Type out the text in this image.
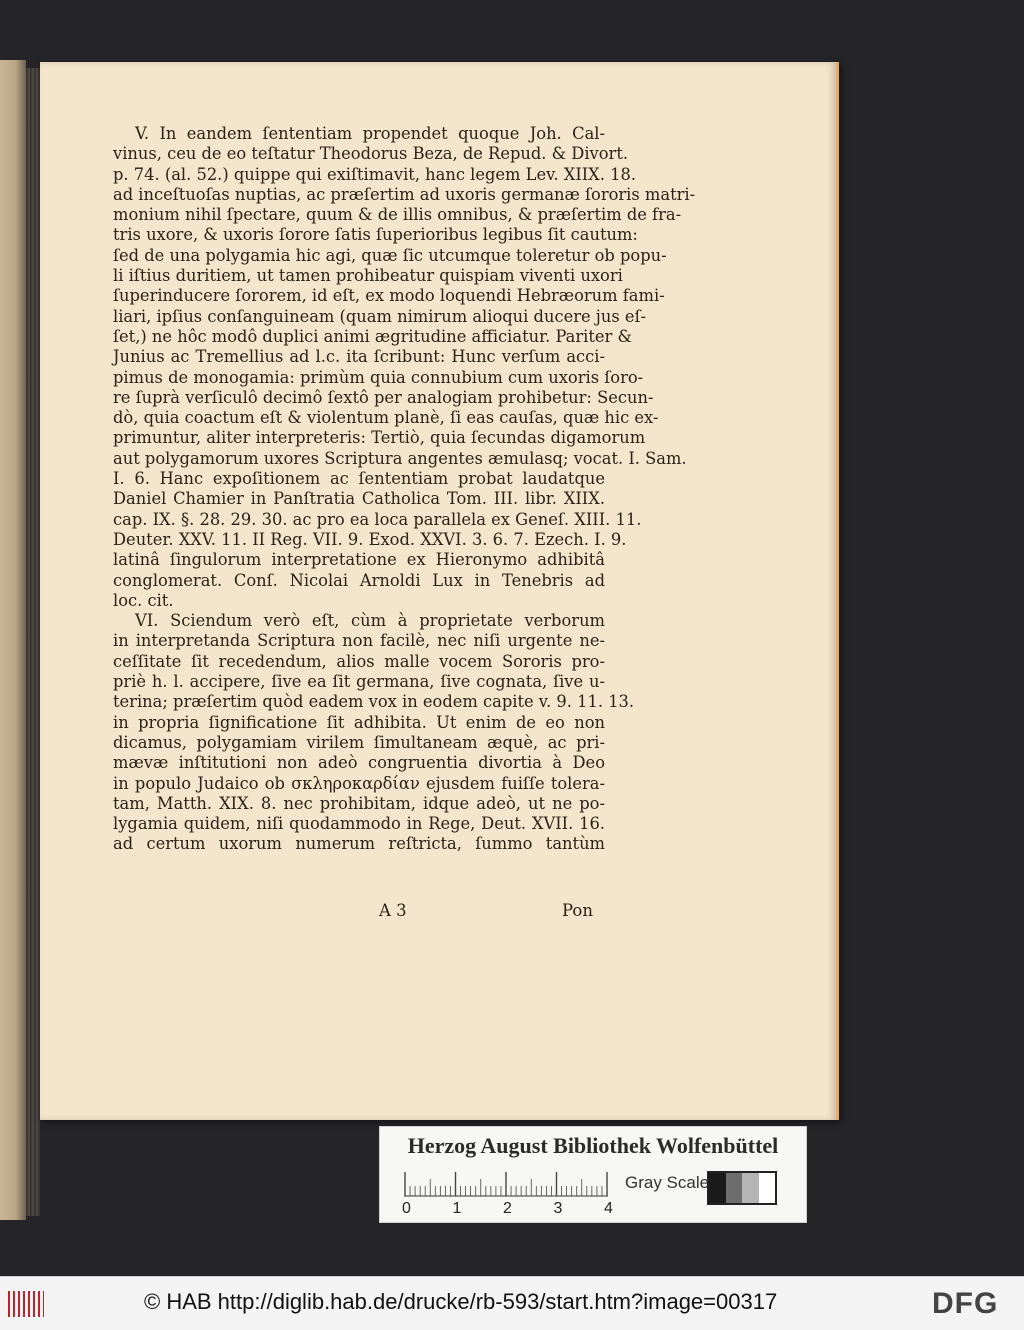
V. In eandem ſententiam propendet quoque Joh. Cal-
vinus, ceu de eo teſtatur Theodorus Beza, de Repud. & Divort.
p. 74. (al. 52.) quippe qui exiſtimavit, hanc legem Lev. XIIX. 18.
ad inceſtuoſas nuptias, ac præſertim ad uxoris germanæ ſororis matri-
monium nihil ſpectare, quum & de illis omnibus, & præſertim de fra-
tris uxore, & uxoris ſorore ſatis ſuperioribus legibus ſit cautum:
ſed de una polygamia hic agi, quæ ſic utcumque toleretur ob popu-
li iſtius duritiem, ut tamen prohibeatur quispiam viventi uxori
ſuperinducere ſororem, id eſt, ex modo loquendi Hebræorum fami-
liari, ipſius conſanguineam (quam nimirum alioqui ducere jus eſ-
ſet,) ne hôc modô duplici animi ægritudine afficiatur. Pariter &
Junius ac Tremellius ad l.c. ita ſcribunt: Hunc verſum acci-
pimus de monogamia: primùm quia connubium cum uxoris ſoro-
re ſuprà verſiculô decimô ſextô per analogiam prohibetur: Secun-
dò, quia coactum eſt & violentum planè, ſi eas cauſas, quæ hic ex-
primuntur, aliter interpreteris: Tertiò, quia ſecundas digamorum
aut polygamorum uxores Scriptura angentes æmulasq; vocat. I. Sam.
I. 6. Hanc expoſitionem ac ſententiam probat laudatque
Daniel Chamier in Panſtratia Catholica Tom. III. libr. XIIX.
cap. IX. §. 28. 29. 30. ac pro ea loca parallela ex Geneſ. XIII. 11.
Deuter. XXV. 11. II Reg. VII. 9. Exod. XXVI. 3. 6. 7. Ezech. I. 9.
latinâ ſingulorum interpretatione ex Hieronymo adhibitâ
conglomerat. Conſ. Nicolai Arnoldi Lux in Tenebris ad
loc. cit.
VI. Sciendum verò eſt, cùm à proprietate verborum
in interpretanda Scriptura non facilè, nec niſi urgente ne-
ceſſitate ſit recedendum, alios malle vocem Sororis pro-
priè h. l. accipere, ſive ea ſit germana, ſive cognata, ſive u-
terina; præſertim quòd eadem vox in eodem capite v. 9. 11. 13.
in propria ſignificatione ſit adhibita. Ut enim de eo non
dicamus, polygamiam virilem ſimultaneam æquè, ac pri-
mævæ inſtitutioni non adeò congruentia divortia à Deo
in populo Judaico ob σκληροκαρδίαν ejusdem fuiſſe tolera-
tam, Matth. XIX. 8. nec prohibitam, idque adeò, ut ne po-
lygamia quidem, niſi quodammodo in Rege, Deut. XVII. 16.
ad certum uxorum numerum reſtricta, ſummo tantùm
A 3	Pon
Herzog August Bibliothek Wolfenbüttel
0	1	2	3	4
Gray Scale
© HAB http://diglib.hab.de/drucke/rb-593/start.htm?image=00317	DFG
